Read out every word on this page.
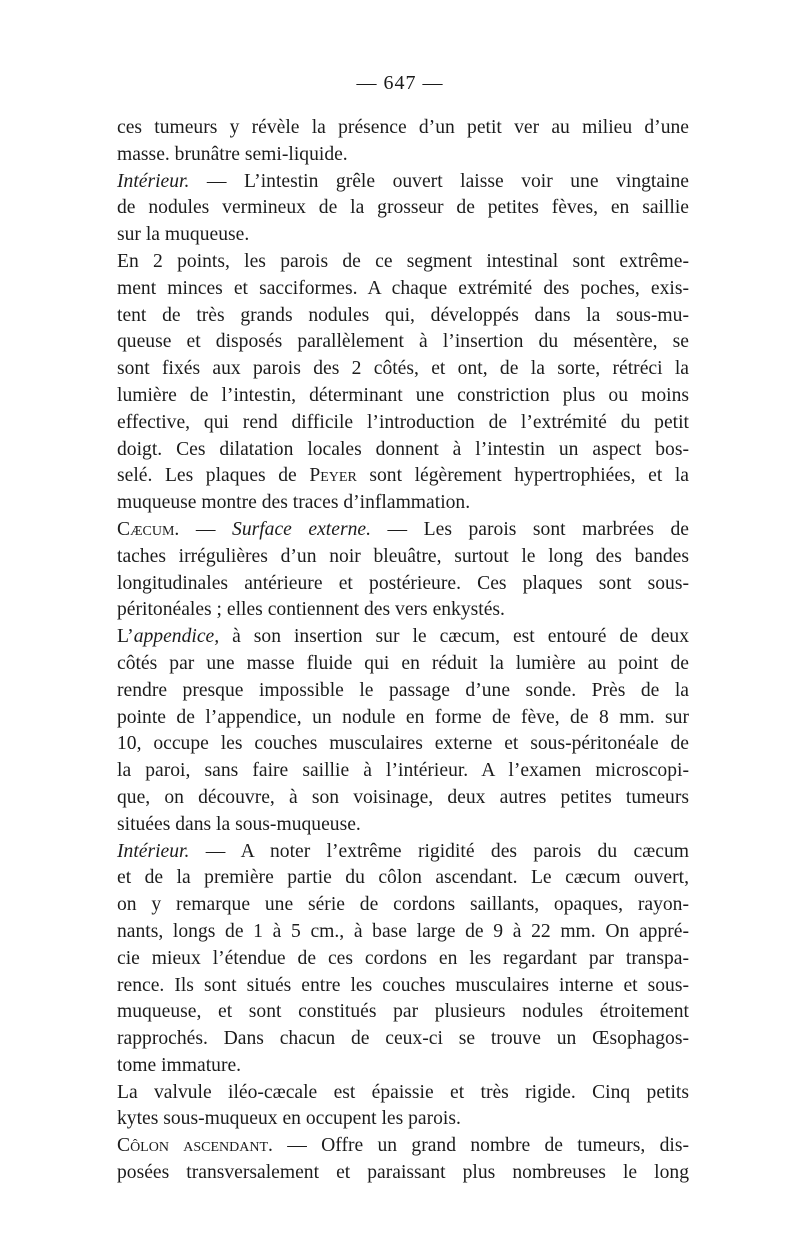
— 647 —
ces tumeurs y révèle la présence d’un petit ver au milieu d’une
masse. brunâtre semi-liquide.
Intérieur. — L’intestin grêle ouvert laisse voir une vingtaine
de nodules vermineux de la grosseur de petites fèves, en saillie
sur la muqueuse.
En 2 points, les parois de ce segment intestinal sont extrême-
ment minces et sacciformes. A chaque extrémité des poches, exis-
tent de très grands nodules qui, développés dans la sous-mu-
queuse et disposés parallèlement à l’insertion du mésentère, se
sont fixés aux parois des 2 côtés, et ont, de la sorte, rétréci la
lumière de l’intestin, déterminant une constriction plus ou moins
effective, qui rend difficile l’introduction de l’extrémité du petit
doigt. Ces dilatation locales donnent à l’intestin un aspect bos-
selé. Les plaques de Peyer sont légèrement hypertrophiées, et la
muqueuse montre des traces d’inflammation.
Cæcum. — Surface externe. — Les parois sont marbrées de
taches irrégulières d’un noir bleuâtre, surtout le long des bandes
longitudinales antérieure et postérieure. Ces plaques sont sous-
péritonéales ; elles contiennent des vers enkystés.
L’appendice, à son insertion sur le cæcum, est entouré de deux
côtés par une masse fluide qui en réduit la lumière au point de
rendre presque impossible le passage d’une sonde. Près de la
pointe de l’appendice, un nodule en forme de fève, de 8 mm. sur
10, occupe les couches musculaires externe et sous-péritonéale de
la paroi, sans faire saillie à l’intérieur. A l’examen microscopi-
que, on découvre, à son voisinage, deux autres petites tumeurs
situées dans la sous-muqueuse.
Intérieur. — A noter l’extrême rigidité des parois du cæcum
et de la première partie du côlon ascendant. Le cæcum ouvert,
on y remarque une série de cordons saillants, opaques, rayon-
nants, longs de 1 à 5 cm., à base large de 9 à 22 mm. On appré-
cie mieux l’étendue de ces cordons en les regardant par transpa-
rence. Ils sont situés entre les couches musculaires interne et sous-
muqueuse, et sont constitués par plusieurs nodules étroitement
rapprochés. Dans chacun de ceux-ci se trouve un Œsophagos-
tome immature.
La valvule iléo-cæcale est épaissie et très rigide. Cinq petits
kytes sous-muqueux en occupent les parois.
Côlon ascendant. — Offre un grand nombre de tumeurs, dis-
posées transversalement et paraissant plus nombreuses le long
